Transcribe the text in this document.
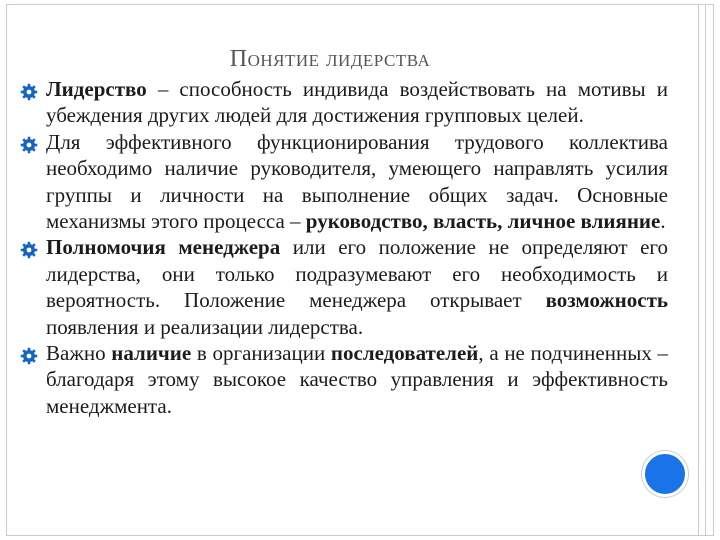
Понятие лидерства
Лидерство – способность индивида воздействовать на мотивы и убеждения других людей для достижения групповых целей.
Для эффективного функционирования трудового коллектива необходимо наличие руководителя, умеющего направлять усилия группы и личности на выполнение общих задач. Основные механизмы этого процесса – руководство, власть, личное влияние.
Полномочия менеджера или его положение не определяют его лидерства, они только подразумевают его необходимость и вероятность. Положение менеджера открывает возможность появления и реализации лидерства.
Важно наличие в организации последователей, а не подчиненных – благодаря этому высокое качество управления и эффективность менеджмента.
